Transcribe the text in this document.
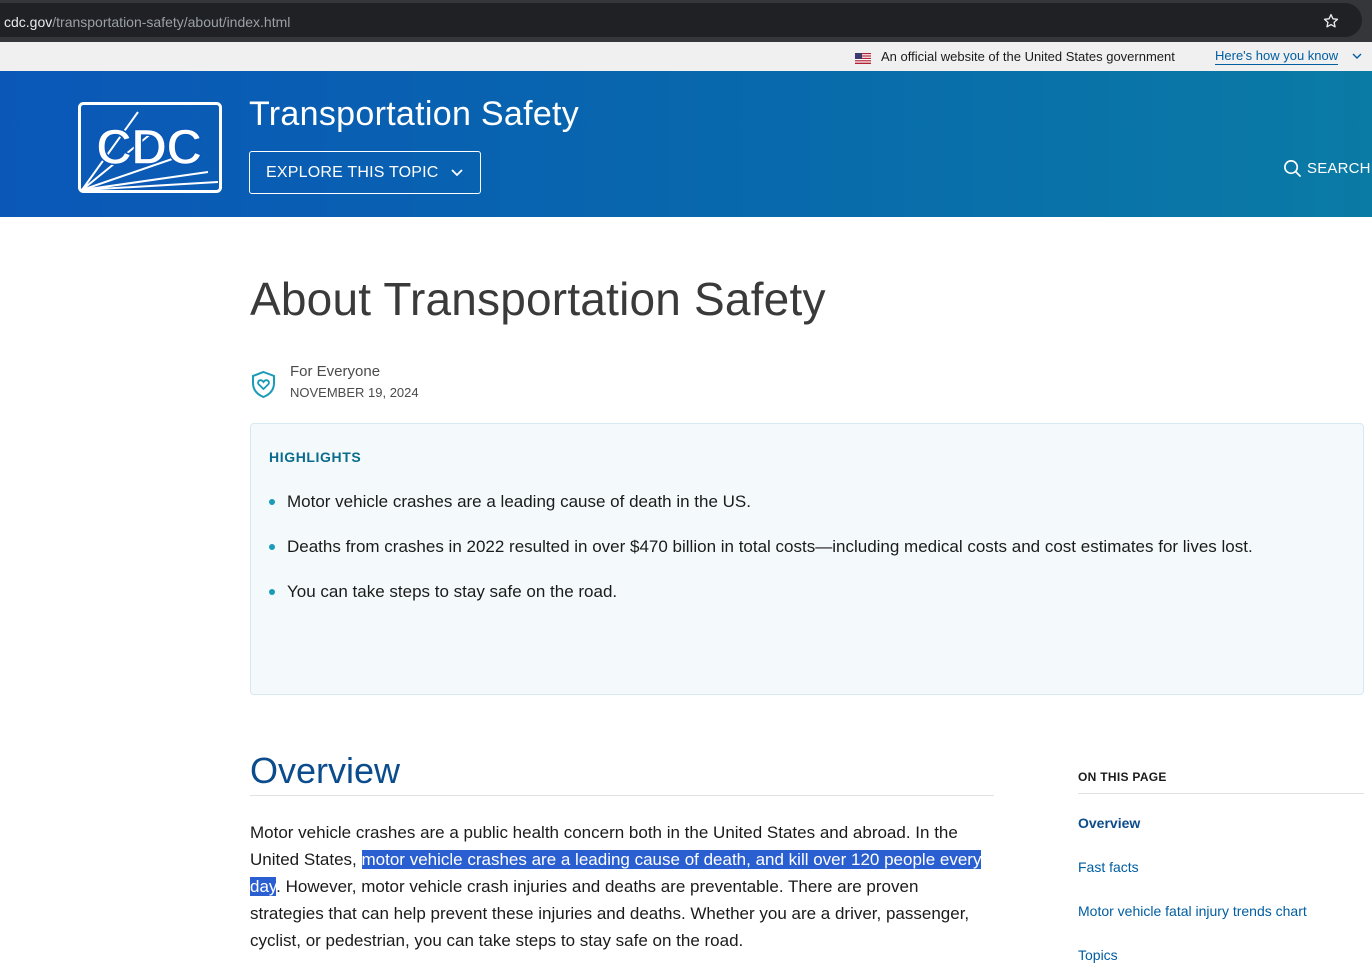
cdc.gov/transportation-safety/about/index.html
An official website of the United States government	Here's how you know
CDC
Transportation Safety
EXPLORE THIS TOPIC	SEARCH
About Transportation Safety
For Everyone
NOVEMBER 19, 2024
HIGHLIGHTS
Motor vehicle crashes are a leading cause of death in the US.
Deaths from crashes in 2022 resulted in over $470 billion in total costs—including medical costs and cost estimates for lives lost.
You can take steps to stay safe on the road.
Overview

Motor vehicle crashes are a public health concern both in the United States and abroad. In the United States, motor vehicle crashes are a leading cause of death, and kill over 120 people every day. However, motor vehicle crash injuries and deaths are preventable. There are proven strategies that can help prevent these injuries and deaths. Whether you are a driver, passenger, cyclist, or pedestrian, you can take steps to stay safe on the road.

ON THIS PAGE
Overview
Fast facts
Motor vehicle fatal injury trends chart
Topics
